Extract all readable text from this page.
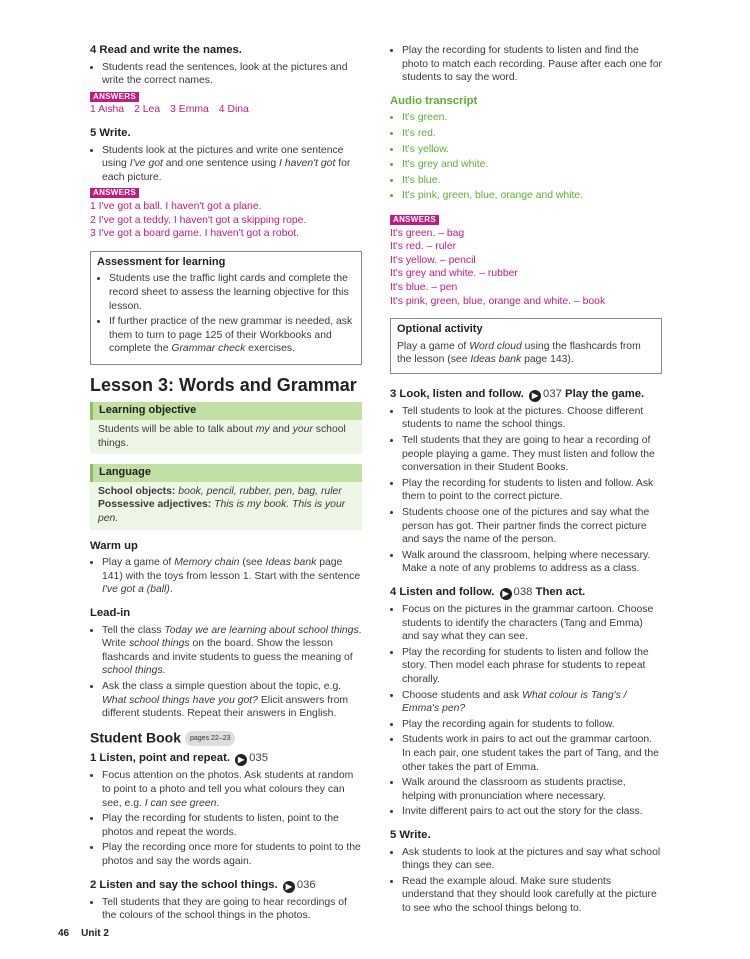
4 Read and write the names.
• Students read the sentences, look at the pictures and write the correct names.
ANSWERS
1 Aisha 2 Lea 3 Emma 4 Dina
5 Write.
• Students look at the pictures and write one sentence using I've got and one sentence using I haven't got for each picture.
ANSWERS
1 I've got a ball. I haven't got a plane.
2 I've got a teddy. I haven't got a skipping rope.
3 I've got a board game. I haven't got a robot.
Assessment for learning
• Students use the traffic light cards and complete the record sheet to assess the learning objective for this lesson.
• If further practice of the new grammar is needed, ask them to turn to page 125 of their Workbooks and complete the Grammar check exercises.
Lesson 3: Words and Grammar
Learning objective
Students will be able to talk about my and your school things.
Language
School objects: book, pencil, rubber, pen, bag, ruler
Possessive adjectives: This is my book. This is your pen.
Warm up
• Play a game of Memory chain (see Ideas bank page 141) with the toys from lesson 1. Start with the sentence I've got a (ball).
Lead-in
• Tell the class Today we are learning about school things. Write school things on the board. Show the lesson flashcards and invite students to guess the meaning of school things.
• Ask the class a simple question about the topic, e.g. What school things have you got? Elicit answers from different students. Repeat their answers in English.
Student Book pages 22–23
1 Listen, point and repeat. ▶ 035
• Focus attention on the photos. Ask students at random to point to a photo and tell you what colours they can see, e.g. I can see green.
• Play the recording for students to listen, point to the photos and repeat the words.
• Play the recording once more for students to point to the photos and say the words again.
2 Listen and say the school things. ▶ 036
• Tell students that they are going to hear recordings of the colours of the school things in the photos.
• Play the recording for students to listen and find the photo to match each recording. Pause after each one for students to say the word.
Audio transcript
• It's green.
• It's red.
• It's yellow.
• It's grey and white.
• It's blue.
• It's pink, green, blue, orange and white.
ANSWERS
It's green. – bag
It's red. – ruler
It's yellow. – pencil
It's grey and white. – rubber
It's blue. – pen
It's pink, green, blue, orange and white. – book
Optional activity
Play a game of Word cloud using the flashcards from the lesson (see Ideas bank page 143).
3 Look, listen and follow. ▶ 037 Play the game.
• Tell students to look at the pictures. Choose different students to name the school things.
• Tell students that they are going to hear a recording of people playing a game. They must listen and follow the conversation in their Student Books.
• Play the recording for students to listen and follow. Ask them to point to the correct picture.
• Students choose one of the pictures and say what the person has got. Their partner finds the correct picture and says the name of the person.
• Walk around the classroom, helping where necessary. Make a note of any problems to address as a class.
4 Listen and follow. ▶ 038 Then act.
• Focus on the pictures in the grammar cartoon. Choose students to identify the characters (Tang and Emma) and say what they can see.
• Play the recording for students to listen and follow the story. Then model each phrase for students to repeat chorally.
• Choose students and ask What colour is Tang's / Emma's pen?
• Play the recording again for students to follow.
• Students work in pairs to act out the grammar cartoon. In each pair, one student takes the part of Tang, and the other takes the part of Emma.
• Walk around the classroom as students practise, helping with pronunciation where necessary.
• Invite different pairs to act out the story for the class.
5 Write.
• Ask students to look at the pictures and say what school things they can see.
• Read the example aloud. Make sure students understand that they should look carefully at the picture to see who the school things belong to.
46 Unit 2
